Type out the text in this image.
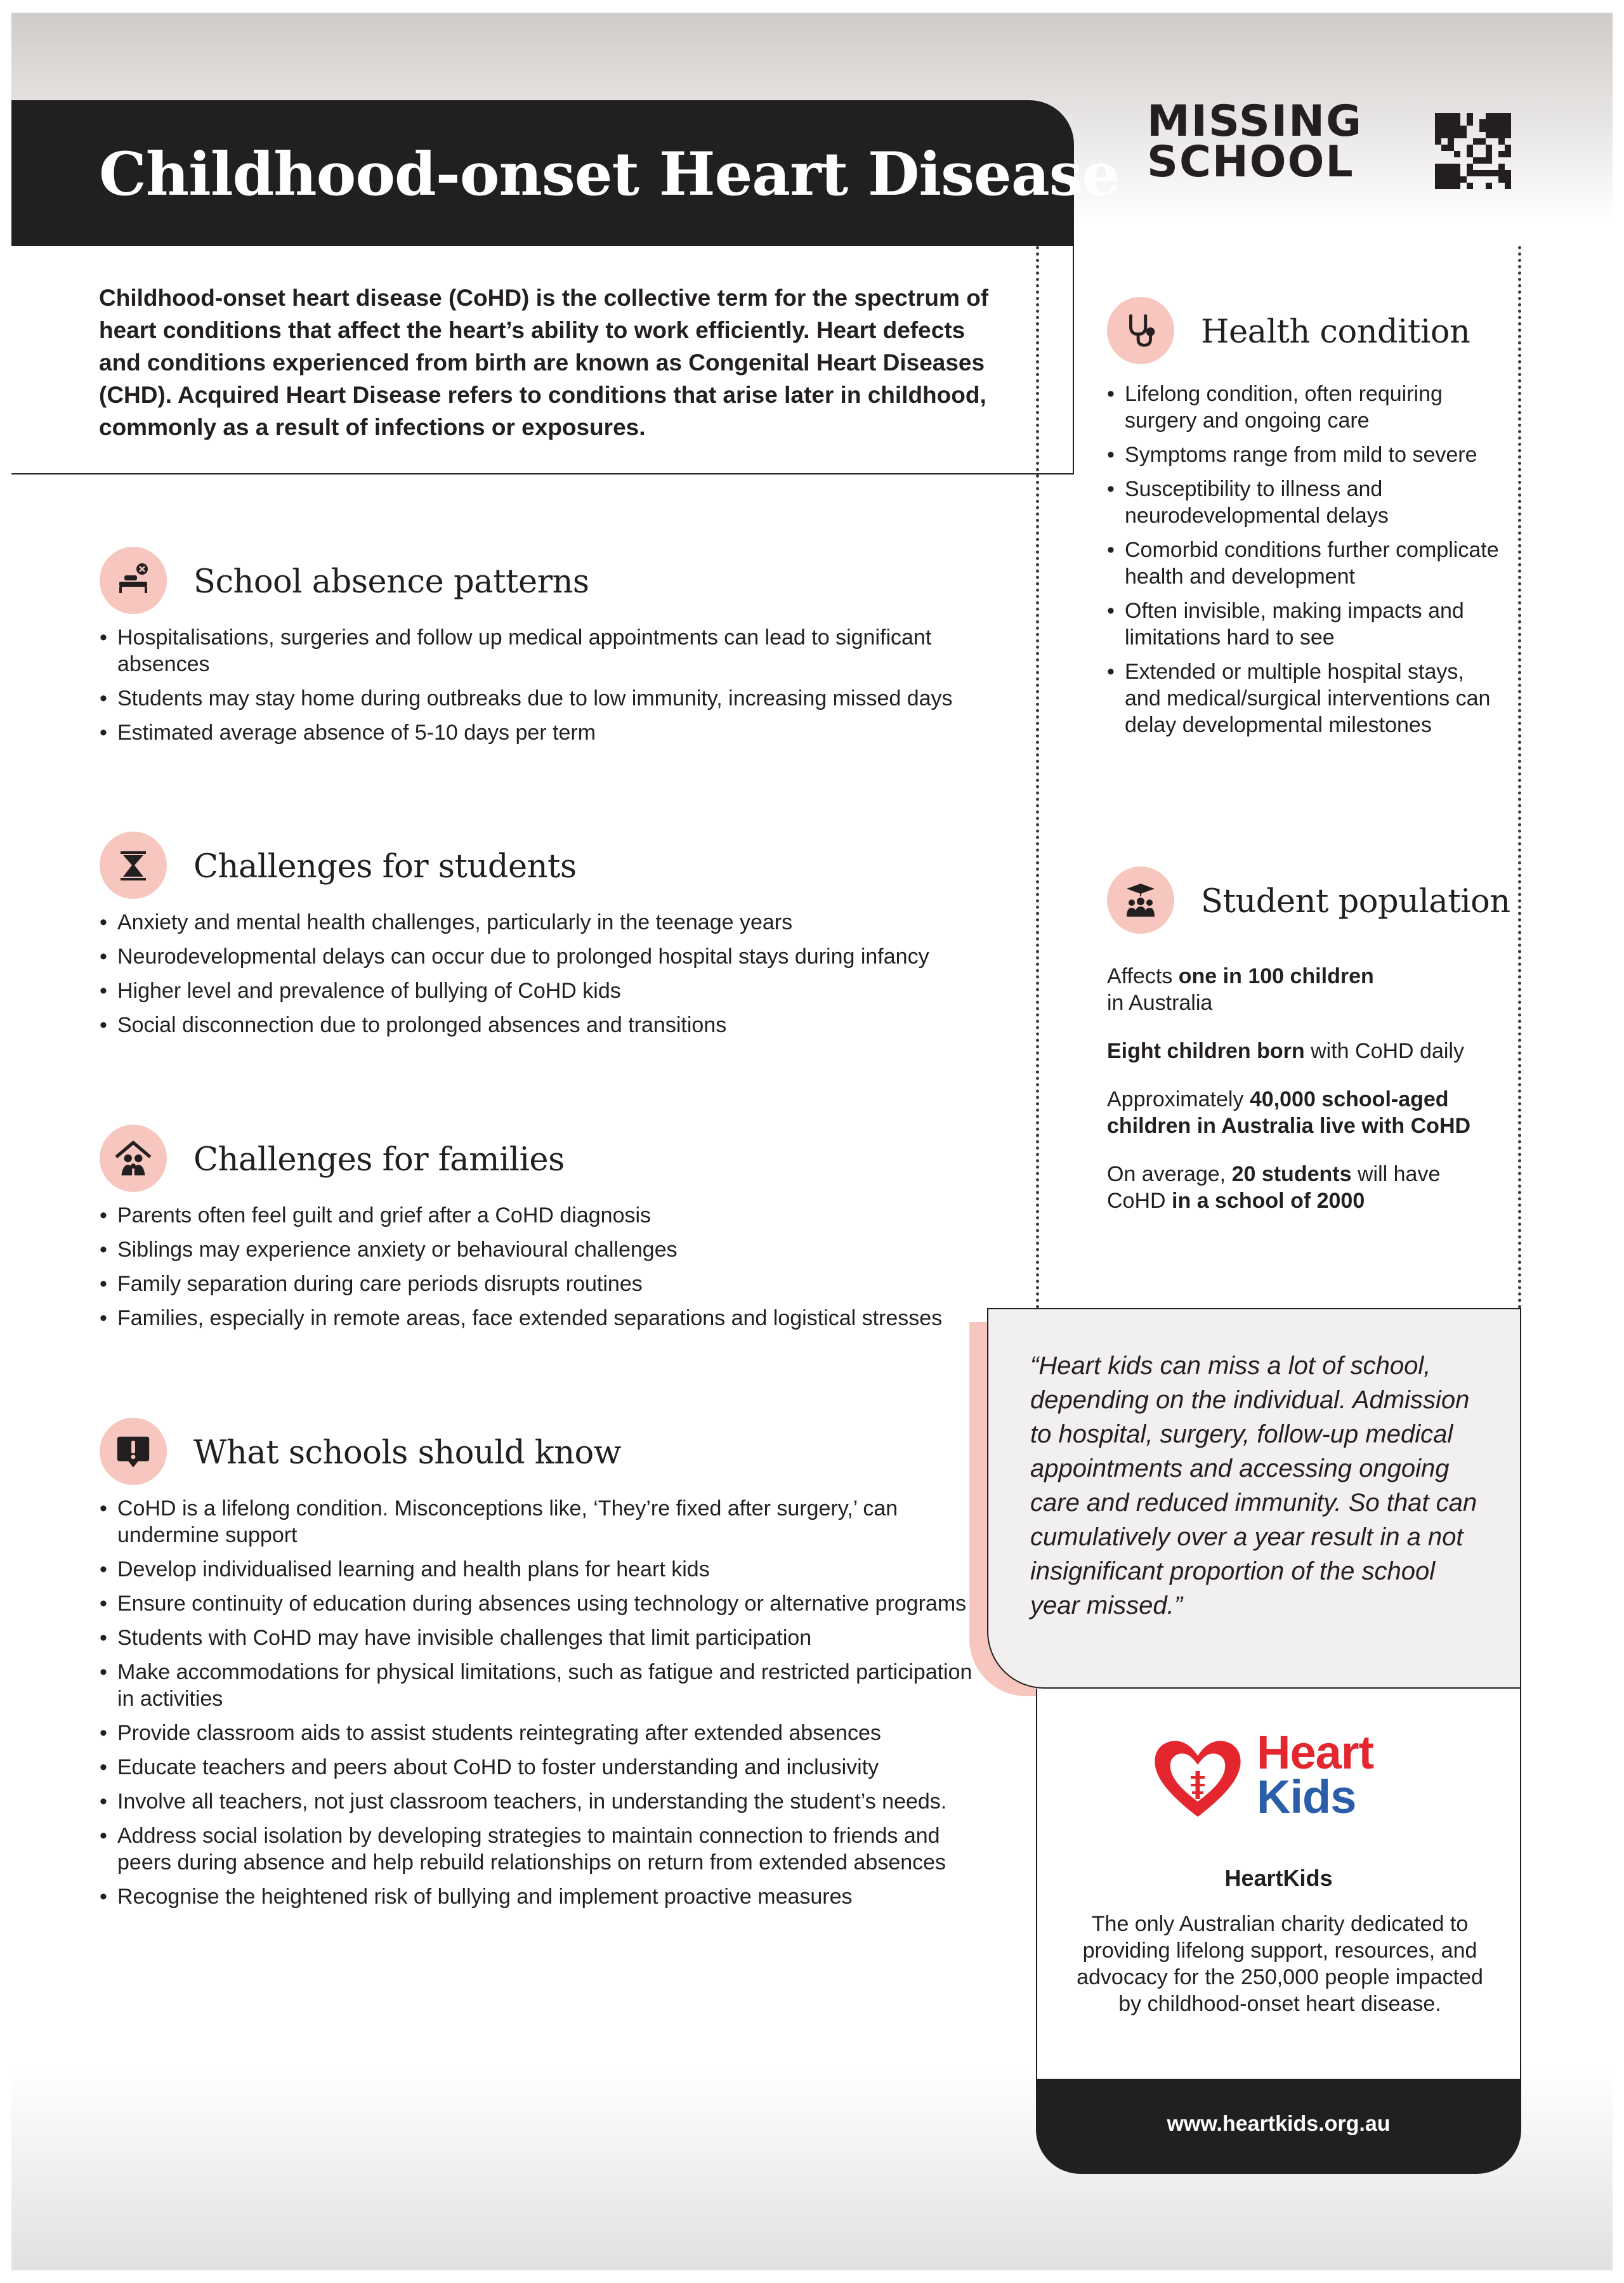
Childhood-onset Heart Disease
MISSING
SCHOOL

Childhood-onset heart disease (CoHD) is the collective term for the spectrum of heart conditions that affect the heart’s ability to work efficiently. Heart defects and conditions experienced from birth are known as Congenital Heart Diseases (CHD). Acquired Heart Disease refers to conditions that arise later in childhood, commonly as a result of infections or exposures.

School absence patterns
• Hospitalisations, surgeries and follow up medical appointments can lead to significant absences
• Students may stay home during outbreaks due to low immunity, increasing missed days
• Estimated average absence of 5-10 days per term
Challenges for students
• Anxiety and mental health challenges, particularly in the teenage years
• Neurodevelopmental delays can occur due to prolonged hospital stays during infancy
• Higher level and prevalence of bullying of CoHD kids
• Social disconnection due to prolonged absences and transitions
Challenges for families
• Parents often feel guilt and grief after a CoHD diagnosis
• Siblings may experience anxiety or behavioural challenges
• Family separation during care periods disrupts routines
• Families, especially in remote areas, face extended separations and logistical stresses
What schools should know
• CoHD is a lifelong condition. Misconceptions like, ‘They’re fixed after surgery,’ can undermine support
• Develop individualised learning and health plans for heart kids
• Ensure continuity of education during absences using technology or alternative programs
• Students with CoHD may have invisible challenges that limit participation
• Make accommodations for physical limitations, such as fatigue and restricted participation in activities
• Provide classroom aids to assist students reintegrating after extended absences
• Educate teachers and peers about CoHD to foster understanding and inclusivity
• Involve all teachers, not just classroom teachers, in understanding the student’s needs.
• Address social isolation by developing strategies to maintain connection to friends and peers during absence and help rebuild relationships on return from extended absences
• Recognise the heightened risk of bullying and implement proactive measures
Health condition
• Lifelong condition, often requiring surgery and ongoing care
• Symptoms range from mild to severe
• Susceptibility to illness and neurodevelopmental delays
• Comorbid conditions further complicate health and development
• Often invisible, making impacts and limitations hard to see
• Extended or multiple hospital stays, and medical/surgical interventions can delay developmental milestones
Student population

Affects one in 100 children
in Australia

Eight children born with CoHD daily

Approximately 40,000 school-aged children in Australia live with CoHD

On average, 20 students will have CoHD in a school of 2000

“Heart kids can miss a lot of school, depending on the individual. Admission to hospital, surgery, follow-up medical appointments and accessing ongoing care and reduced immunity. So that can cumulatively over a year result in a not insignificant proportion of the school year missed.”

Heart
Kids
HeartKids
The only Australian charity dedicated to providing lifelong support, resources, and advocacy for the 250,000 people impacted by childhood-onset heart disease.
www.heartkids.org.au
